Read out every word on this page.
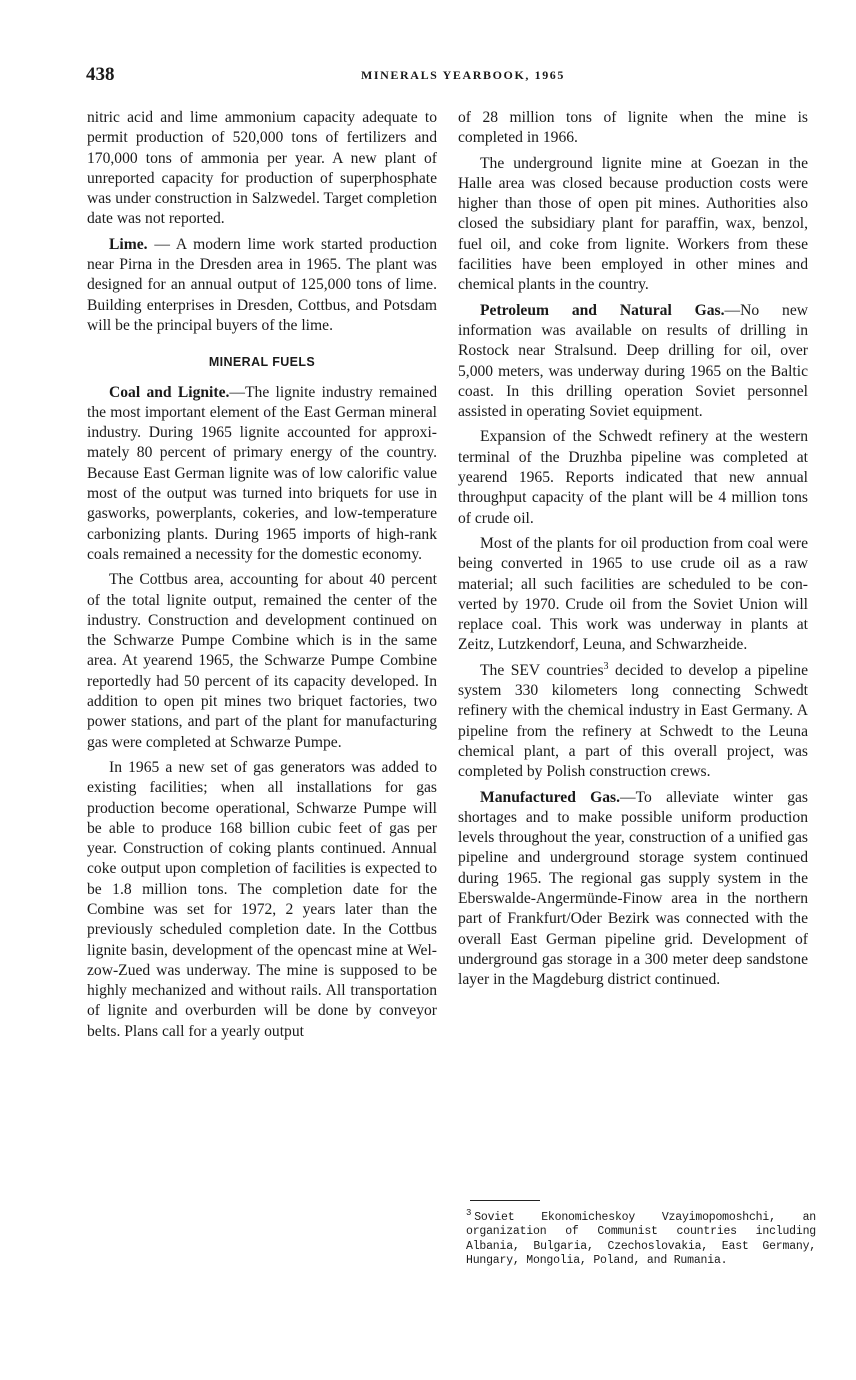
438	MINERALS YEARBOOK, 1965

nitric acid and lime ammonium capacity adequate to permit production of 520,000 tons of fertilizers and 170,000 tons of ammonia per year. A new plant of unreported capacity for production of superphosphate was under construction in Salzwedel. Target completion date was not reported.

Lime. — A modern lime work started production near Pirna in the Dresden area in 1965. The plant was designed for an annual output of 125,000 tons of lime. Building enterprises in Dresden, Cottbus, and Potsdam will be the principal buyers of the lime.

MINERAL FUELS

Coal and Lignite.—The lignite industry remained the most important element of the East German mineral industry. During 1965 lignite accounted for approximately 80 percent of primary energy of the country. Because East German lignite was of low calorific value most of the output was turned into briquets for use in gasworks, powerplants, cokeries, and low-temperature carbonizing plants. During 1965 imports of high-rank coals remained a necessity for the domestic economy.

The Cottbus area, accounting for about 40 percent of the total lignite output, remained the center of the industry. Construction and development continued on the Schwarze Pumpe Combine which is in the same area. At yearend 1965, the Schwarze Pumpe Combine reportedly had 50 percent of its capacity developed. In addition to open pit mines two briquet factories, two power stations, and part of the plant for manufacturing gas were completed at Schwarze Pumpe.

In 1965 a new set of gas generators was added to existing facilities; when all installations for gas production become operational, Schwarze Pumpe will be able to produce 168 billion cubic feet of gas per year. Construction of coking plants continued. Annual coke output upon completion of facilities is expected to be 1.8 million tons. The completion date for the Combine was set for 1972, 2 years later than the previously scheduled completion date. In the Cottbus lignite basin, development of the opencast mine at Welzow-Zued was underway. The mine is supposed to be highly mechanized and without rails. All transportation of lignite and overburden will be done by conveyor belts. Plans call for a yearly output

of 28 million tons of lignite when the mine is completed in 1966.

The underground lignite mine at Goezan in the Halle area was closed because production costs were higher than those of open pit mines. Authorities also closed the subsidiary plant for paraffin, wax, benzol, fuel oil, and coke from lignite. Workers from these facilities have been employed in other mines and chemical plants in the country.

Petroleum and Natural Gas.—No new information was available on results of drilling in Rostock near Stralsund. Deep drilling for oil, over 5,000 meters, was underway during 1965 on the Baltic coast. In this drilling operation Soviet personnel assisted in operating Soviet equipment.

Expansion of the Schwedt refinery at the western terminal of the Druzhba pipeline was completed at yearend 1965. Reports indicated that new annual throughput capacity of the plant will be 4 million tons of crude oil.

Most of the plants for oil production from coal were being converted in 1965 to use crude oil as a raw material; all such facilities are scheduled to be converted by 1970. Crude oil from the Soviet Union will replace coal. This work was underway in plants at Zeitz, Lutzkendorf, Leuna, and Schwarzheide.

The SEV countries$^3$ decided to develop a pipeline system 330 kilometers long connecting Schwedt refinery with the chemical industry in East Germany. A pipeline from the refinery at Schwedt to the Leuna chemical plant, a part of this overall project, was completed by Polish construction crews.

Manufactured Gas.—To alleviate winter gas shortages and to make possible uniform production levels throughout the year, construction of a unified gas pipeline and underground storage system continued during 1965. The regional gas supply system in the Eberswalde-Angermünde-Finow area in the northern part of Frankfurt/Oder Bezirk was connected with the overall East German pipeline grid. Development of underground gas storage in a 300 meter deep sandstone layer in the Magdeburg district continued.

$^3$ Soviet Ekonomicheskoy Vzayimopomoshchi, an organization of Communist countries including Albania, Bulgaria, Czechoslovakia, East Germany, Hungary, Mongolia, Poland, and Rumania.
